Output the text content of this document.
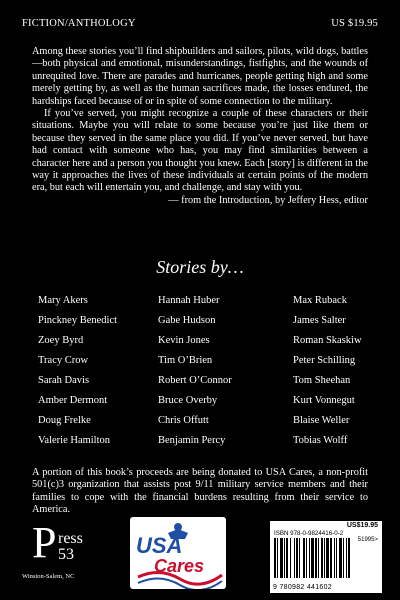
FICTION/ANTHOLOGY	US $19.95

Among these stories you’ll find shipbuilders and sailors, pilots, wild dogs, battles—both physical and emotional, misunderstandings, fistfights, and the wounds of unrequited love. There are parades and hurricanes, people getting high and some merely getting by, as well as the human sacrifices made, the losses endured, the hardships faced because of or in spite of some connection to the military.

If you’ve served, you might recognize a couple of these characters or their situations. Maybe you will relate to some because you’re just like them or because they served in the same place you did. If you’ve never served, but have had contact with someone who has, you may find similarities between a character here and a person you thought you knew. Each [story] is different in the way it approaches the lives of these individuals at certain points of the modern era, but each will entertain you, and challenge, and stay with you.

— from the Introduction, by Jeffery Hess, editor

Stories by…
Mary Akers	Hannah Huber	Max Ruback
Pinckney Benedict	Gabe Hudson	James Salter
Zoey Byrd	Kevin Jones	Roman Skaskiw
Tracy Crow	Tim O’Brien	Peter Schilling
Sarah Davis	Robert O’Connor	Tom Sheehan
Amber Dermont	Bruce Overby	Kurt Vonnegut
Doug Frelke	Chris Offutt	Blaise Weller
Valerie Hamilton	Benjamin Percy	Tobias Wolff
A portion of this book’s proceeds are being donated to USA Cares, a non-profit 501(c)3 organization that assists post 9/11 military service members and their families to cope with the financial burdens resulting from their service to America.
P ress
53
Winston-Salem, NC
USA
Cares
US$19.95
ISBN 978-0-9824416-0-2
51995>
9 780982 441602
